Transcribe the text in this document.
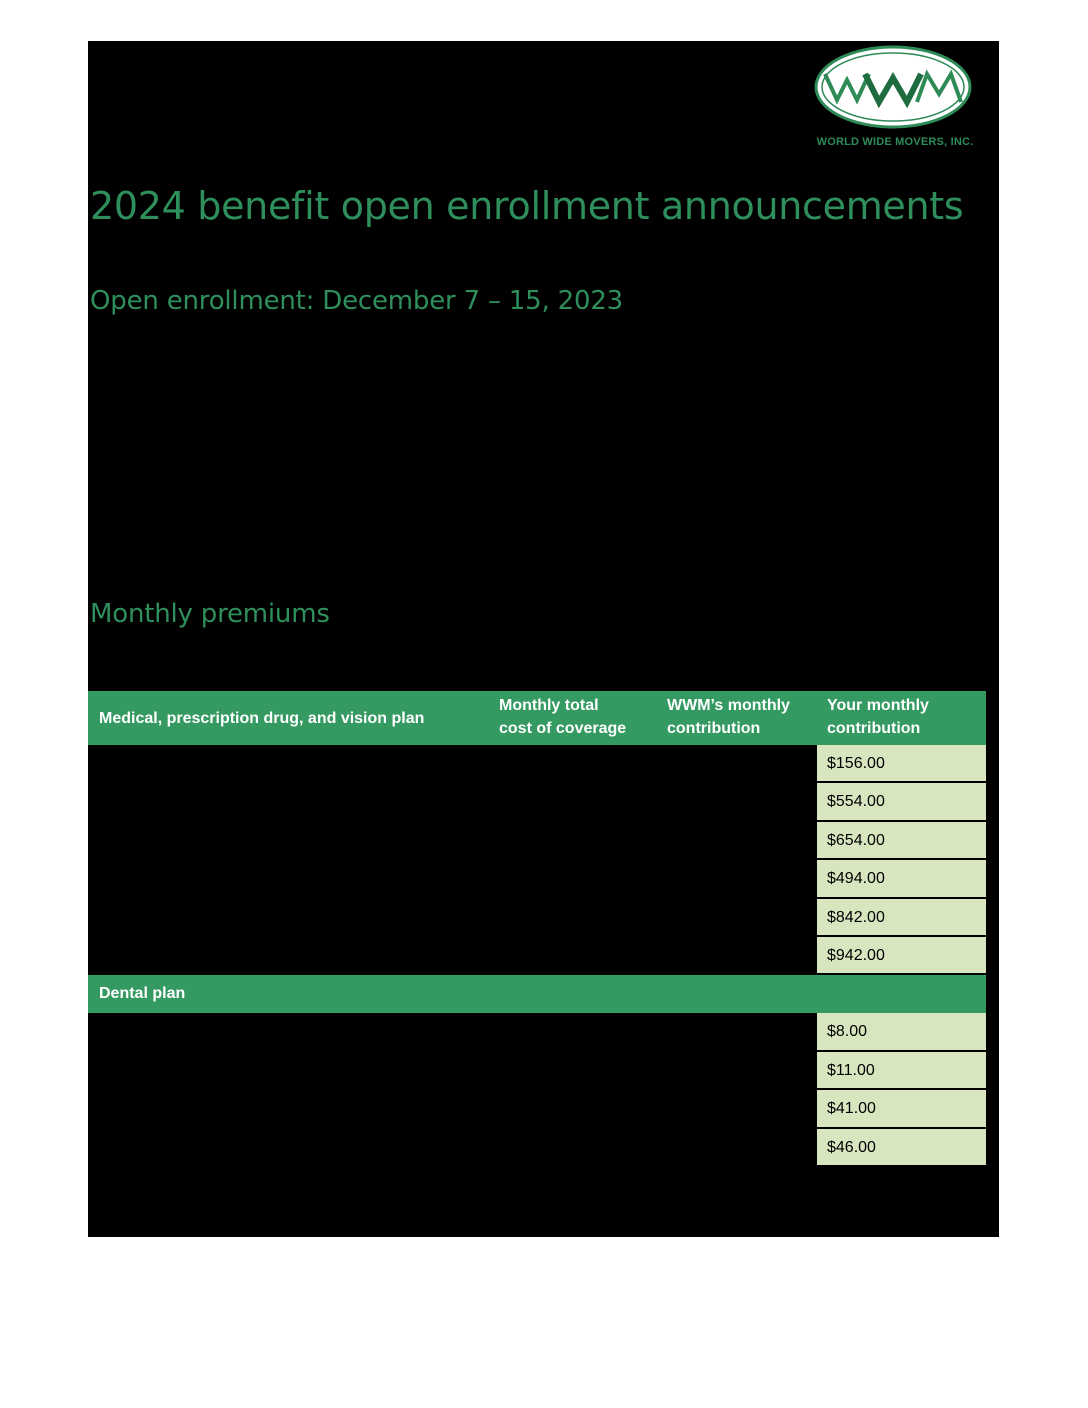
WORLD WIDE MOVERS, INC.
2024 benefit open enrollment announcements
Open enrollment: December 7 – 15, 2023
Monthly premiums
Medical, prescription drug, and vision plan
Monthly total
cost of coverage
WWM’s monthly
contribution
Your monthly
contribution
$156.00
$554.00
$654.00
$494.00
$842.00
$942.00
Dental plan
$8.00
$11.00
$41.00
$46.00
